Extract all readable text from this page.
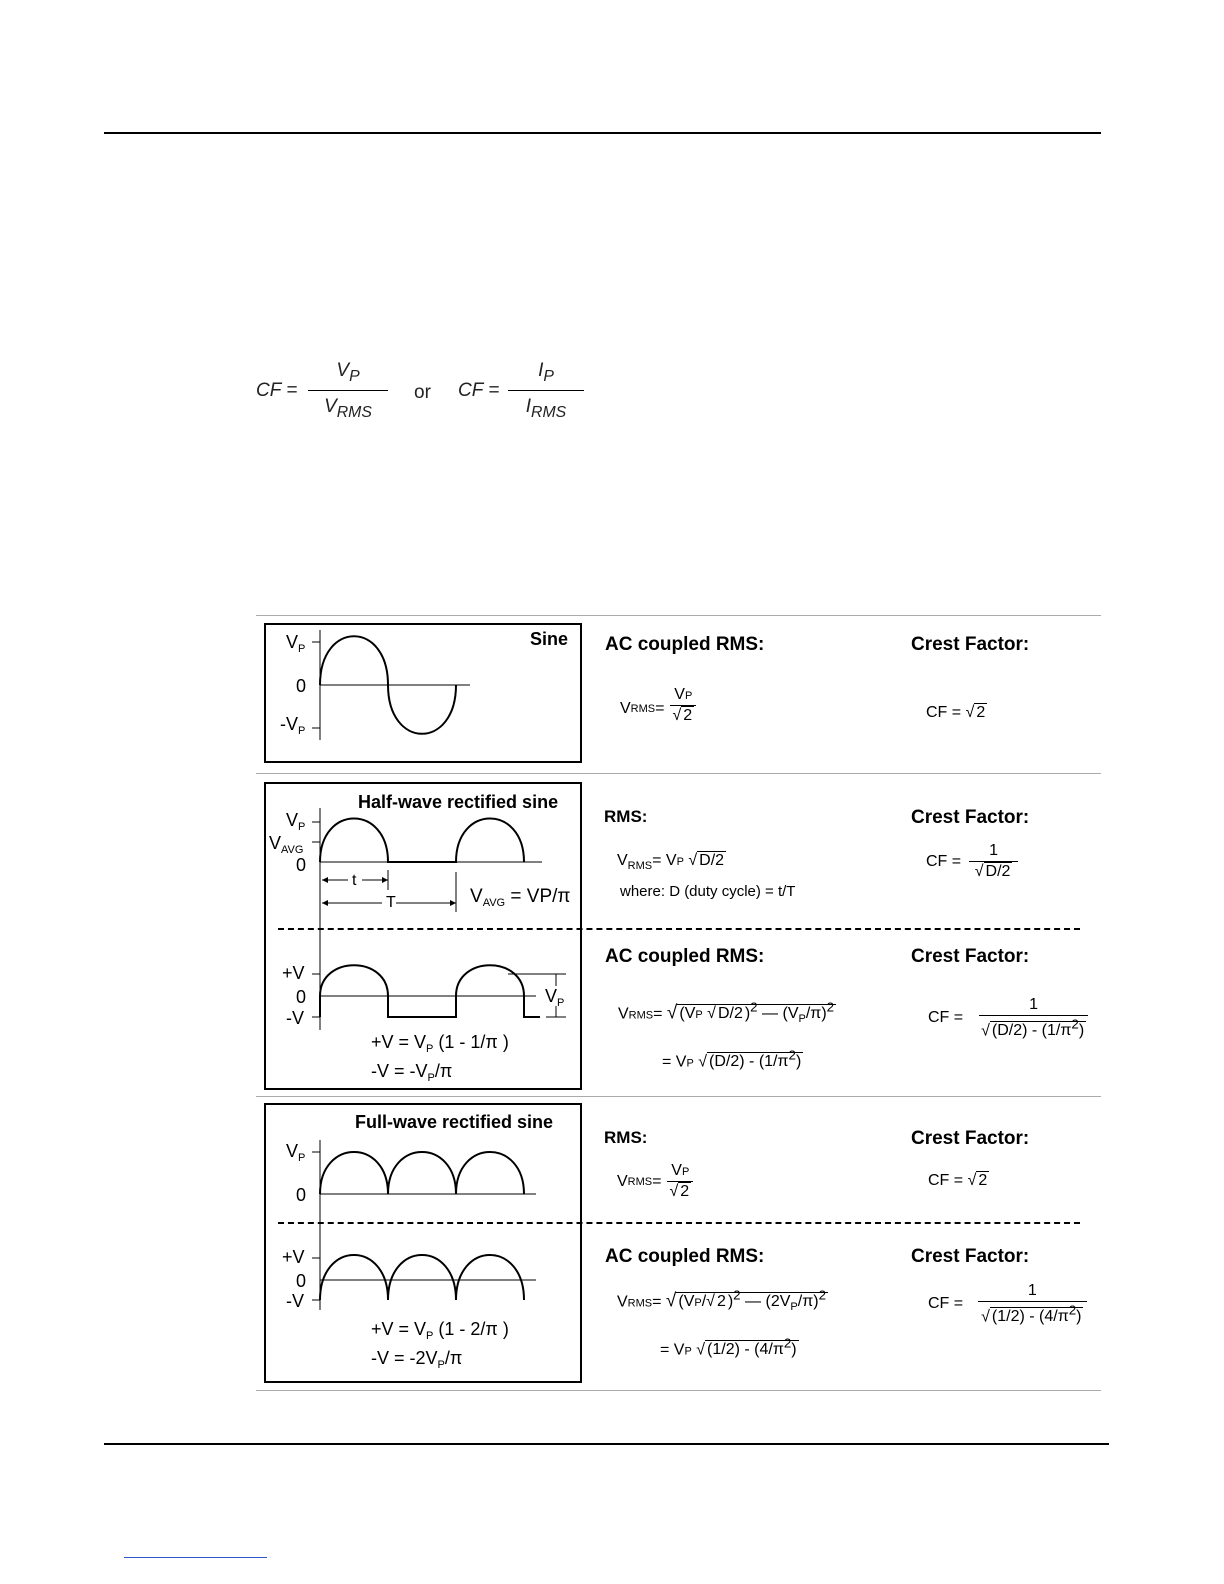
CF =
$V_P$
$V_{RMS}$
or CF =
$I_P$
$I_{RMS}$
Sine
$V_P$
0
$-V_P$
AC coupled RMS:	Crest Factor:
V RMS = $\frac{VP}{√ 2}$	CF = √ 2
Half-wave rectified sine
$V_P$
$V_{AVG}$
0
t
T	$V_{AVG} = VP/\pi$
+V
0
-V
$V_P$
$+V = V_P$ (1 - 1/π )
$-V = -V_P/\pi$
RMS:	Crest Factor:
$V_{RMS}=$ VP √ D/2
where: D (duty cycle) = t/T
CF = $\frac{1}{√ D/2}$
AC coupled RMS:	Crest Factor:
VRMS= √ (VP √ D/2 )$^2$ — $(V_P/\pi)^2$
= VP √ $(D/2) - (1/\pi^2)$
CF = $\frac{1}{√ (D/2) - (1/\pi^2)}$
Full-wave rectified sine
$V_P$
0
+V
0
-V
$+V = V_P$ (1 - 2/π )
$-V = -2V_P/\pi$
RMS:	Crest Factor:
V RMS = $\frac{VP}{√ 2}$	CF = √ 2
AC coupled RMS:	Crest Factor:
VRMS= √ (VP/√ 2 )$^2$ — $(2V_P/\pi)^2$
= VP √ $(1/2) - (4/\pi^2)$
CF = $\frac{1}{√ (1/2) - (4/\pi^2)}$
